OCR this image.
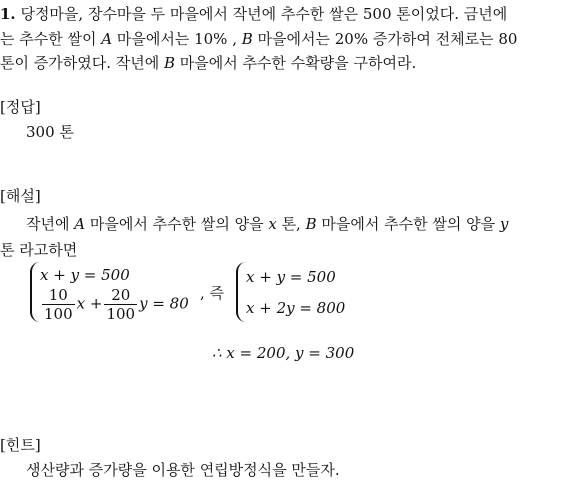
1. 당정마을, 장수마을 두 마을에서 작년에 추수한 쌀은 500 톤이었다. 금년에
는 추수한 쌀이 A 마을에서는 10% , B 마을에서는 20% 증가하여 전체로는 80
톤이 증가하였다. 작년에 B 마을에서 추수한 수확량을 구하여라.
[정답]
300 톤
[해설]
작년에 A 마을에서 추수한 쌀의 양을 x 톤, B 마을에서 추수한 쌀의 양을 y
톤 라고하면
x + y = 500
$\frac{10}{100}$ $x + \frac{20}{100}$ y = 80
, 즉
x + y = 500
x + 2y = 800
∴ x = 200, y = 300
[힌트]
생산량과 증가량을 이용한 연립방정식을 만들자.
